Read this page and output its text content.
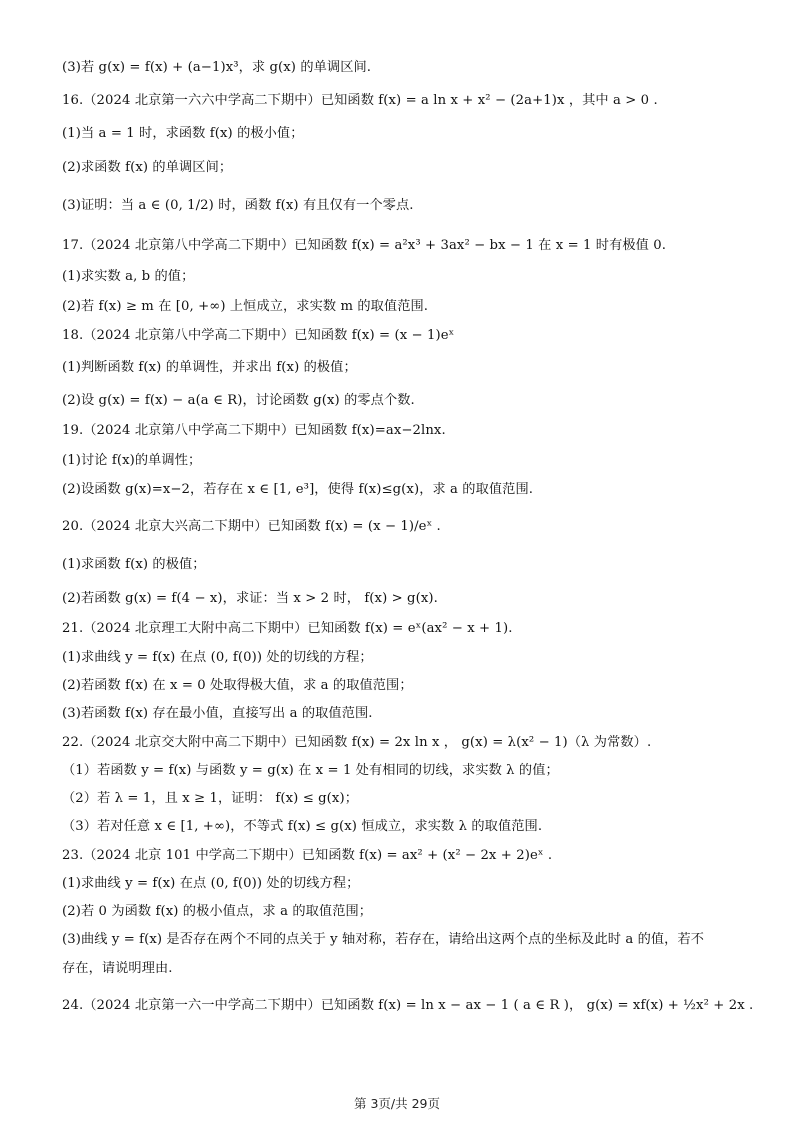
(3)若 g(x) = f(x) + (a−1)x³，求 g(x) 的单调区间.
16.（2024 北京第一六六中学高二下期中）已知函数 f(x) = a ln x + x² − (2a+1)x ，其中 a > 0 .
(1)当 a = 1 时，求函数 f(x) 的极小值；
(2)求函数 f(x) 的单调区间；
(3)证明：当 a ∈ (0, 1/2) 时，函数 f(x) 有且仅有一个零点.
17.（2024 北京第八中学高二下期中）已知函数 f(x) = a²x³ + 3ax² − bx − 1 在 x = 1 时有极值 0.
(1)求实数 a, b 的值；
(2)若 f(x) ≥ m 在 [0, +∞) 上恒成立，求实数 m 的取值范围.
18.（2024 北京第八中学高二下期中）已知函数 f(x) = (x − 1)eˣ
(1)判断函数 f(x) 的单调性，并求出 f(x) 的极值；
(2)设 g(x) = f(x) − a(a ∈ R)，讨论函数 g(x) 的零点个数.
19.（2024 北京第八中学高二下期中）已知函数 f(x)=ax−2lnx.
(1)讨论 f(x)的单调性；
(2)设函数 g(x)=x−2，若存在 x ∈ [1, e³]，使得 f(x)≤g(x)，求 a 的取值范围.
20.（2024 北京大兴高二下期中）已知函数 f(x) = (x − 1)/eˣ .
(1)求函数 f(x) 的极值；
(2)若函数 g(x) = f(4 − x)，求证：当 x > 2 时， f(x) > g(x).
21.（2024 北京理工大附中高二下期中）已知函数 f(x) = eˣ(ax² − x + 1).
(1)求曲线 y = f(x) 在点 (0, f(0)) 处的切线的方程；
(2)若函数 f(x) 在 x = 0 处取得极大值，求 a 的取值范围；
(3)若函数 f(x) 存在最小值，直接写出 a 的取值范围.
22.（2024 北京交大附中高二下期中）已知函数 f(x) = 2x ln x ， g(x) = λ(x² − 1)（λ 为常数）.
（1）若函数 y = f(x) 与函数 y = g(x) 在 x = 1 处有相同的切线，求实数 λ 的值；
（2）若 λ = 1，且 x ≥ 1，证明： f(x) ≤ g(x)；
（3）若对任意 x ∈ [1, +∞)，不等式 f(x) ≤ g(x) 恒成立，求实数 λ 的取值范围.
23.（2024 北京 101 中学高二下期中）已知函数 f(x) = ax² + (x² − 2x + 2)eˣ .
(1)求曲线 y = f(x) 在点 (0, f(0)) 处的切线方程；
(2)若 0 为函数 f(x) 的极小值点，求 a 的取值范围；
(3)曲线 y = f(x) 是否存在两个不同的点关于 y 轴对称，若存在，请给出这两个点的坐标及此时 a 的值，若不
存在，请说明理由.
24.（2024 北京第一六一中学高二下期中）已知函数 f(x) = ln x − ax − 1 ( a ∈ R )， g(x) = xf(x) + ½x² + 2x .
第 3页/共 29页
